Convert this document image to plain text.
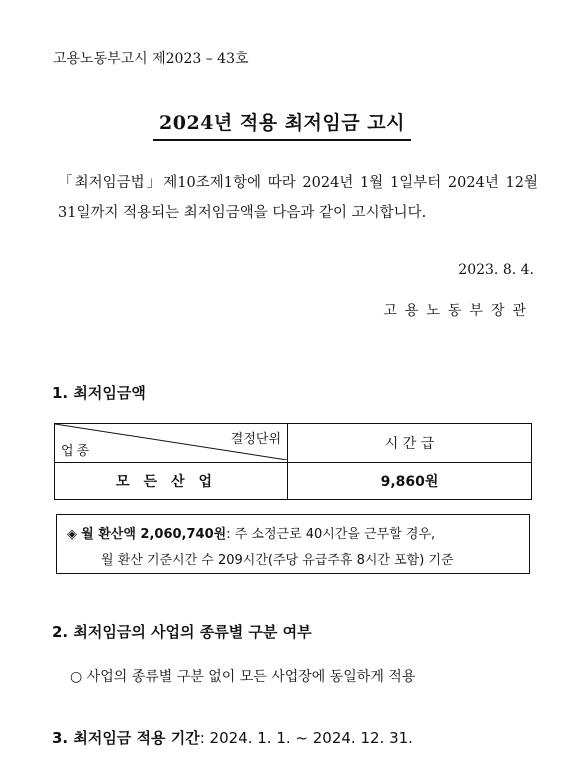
고용노동부고시 제2023 – 43호
2024년 적용 최저임금 고시
「최저임금법」제10조제1항에 따라 2024년 1월 1일부터 2024년 12월 31일까지 적용되는 최저임금액을 다음과 같이 고시합니다.
2023. 8. 4.
고용노동부장관
1. 최저임금액
결정단위
업종	시 간 급
모든산업	9,860원
◈ 월 환산액 2,060,740원: 주 소정근로 40시간을 근무할 경우,
월 환산 기준시간 수 209시간(주당 유급주휴 8시간 포함) 기준
2. 최저임금의 사업의 종류별 구분 여부
○ 사업의 종류별 구분 없이 모든 사업장에 동일하게 적용
3. 최저임금 적용 기간: 2024. 1. 1. ~ 2024. 12. 31.
